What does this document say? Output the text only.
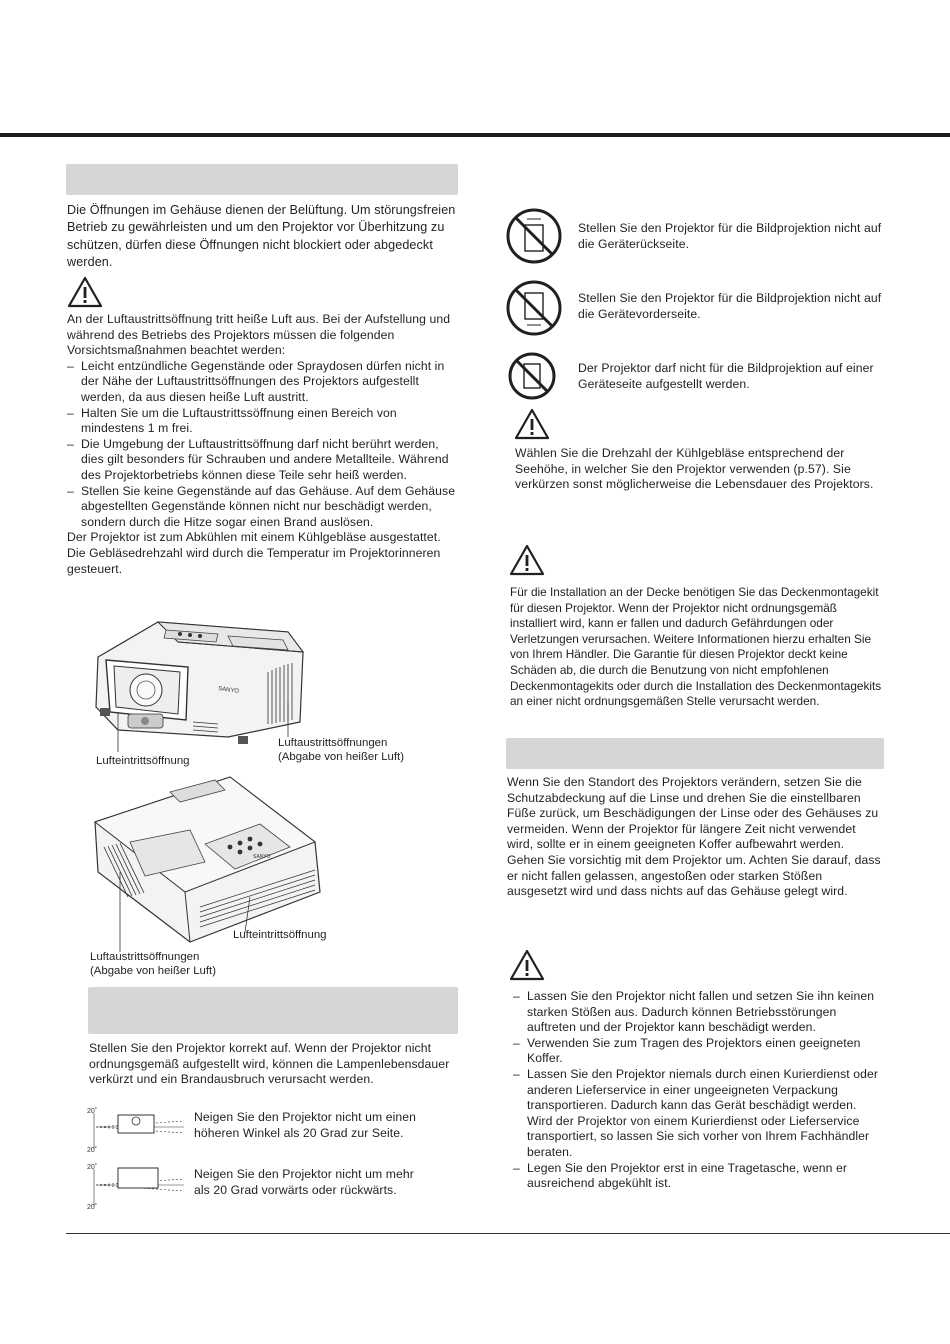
Die Öffnungen im Gehäuse dienen der Belüftung. Um störungsfreien Betrieb zu gewährleisten und um den Projektor vor Überhitzung zu schützen, dürfen diese Öffnungen nicht blockiert oder abgedeckt werden.

An der Luftaustrittsöffnung tritt heiße Luft aus. Bei der Aufstellung und während des Betriebs des Projektors müssen die folgenden Vorsichtsmaßnahmen beachtet werden:

– Leicht entzündliche Gegenstände oder Spraydosen dürfen nicht in der Nähe der Luftaustrittsöffnungen des Projektors aufgestellt werden, da aus diesen heiße Luft austritt.
– Halten Sie um die Luftaustrittssöffnung einen Bereich von mindestens 1 m frei.
– Die Umgebung der Luftaustrittsöffnung darf nicht berührt werden, dies gilt besonders für Schrauben und andere Metallteile. Während des Projektorbetriebs können diese Teile sehr heiß werden.
– Stellen Sie keine Gegenstände auf das Gehäuse. Auf dem Gehäuse abgestellten Gegenstände können nicht nur beschädigt werden, sondern durch die Hitze sogar einen Brand auslösen.

Der Projektor ist zum Abkühlen mit einem Kühlgebläse ausgestattet. Die Gebläsedrehzahl wird durch die Temperatur im Projektorinneren gesteuert.

SANYO
Lufteintrittsöffnung
Luftaustrittsöffnungen
(Abgabe von heißer Luft)
SANYO
Lufteintrittsöffnung
Luftaustrittsöffnungen
(Abgabe von heißer Luft)

Stellen Sie den Projektor korrekt auf. Wenn der Projektor nicht ordnungsgemäß aufgestellt wird, können die Lampenlebensdauer verkürzt und ein Brandausbruch verursacht werden.

20˚
20˚

Neigen Sie den Projektor nicht um einen höheren Winkel als 20 Grad zur Seite.

20˚
20˚

Neigen Sie den Projektor nicht um mehr als 20 Grad vorwärts oder rückwärts.

Stellen Sie den Projektor für die Bildprojektion nicht auf die Geräterückseite.

Stellen Sie den Projektor für die Bildprojektion nicht auf die Gerätevorderseite.

Der Projektor darf nicht für die Bildprojektion auf einer Geräteseite aufgestellt werden.

Wählen Sie die Drehzahl der Kühlgebläse entsprechend der Seehöhe, in welcher Sie den Projektor verwenden (p.57). Sie verkürzen sonst möglicherweise die Lebensdauer des Projektors.

Für die Installation an der Decke benötigen Sie das Deckenmontagekit für diesen Projektor. Wenn der Projektor nicht ordnungsgemäß installiert wird, kann er fallen und dadurch Gefährdungen oder Verletzungen verursachen. Weitere Informationen hierzu erhalten Sie von Ihrem Händler. Die Garantie für diesen Projektor deckt keine Schäden ab, die durch die Benutzung von nicht empfohlenen Deckenmontagekits oder durch die Installation des Deckenmontagekits an einer nicht ordnungsgemäßen Stelle verursacht werden.

Wenn Sie den Standort des Projektors verändern, setzen Sie die Schutzabdeckung auf die Linse und drehen Sie die einstellbaren Füße zurück, um Beschädigungen der Linse oder des Gehäuses zu vermeiden. Wenn der Projektor für längere Zeit nicht verwendet wird, sollte er in einem geeigneten Koffer aufbewahrt werden.

Gehen Sie vorsichtig mit dem Projektor um. Achten Sie darauf, dass er nicht fallen gelassen, angestoßen oder starken Stößen ausgesetzt wird und dass nichts auf das Gehäuse gelegt wird.

– Lassen Sie den Projektor nicht fallen und setzen Sie ihn keinen starken Stößen aus. Dadurch können Betriebsstörungen auftreten und der Projektor kann beschädigt werden.
– Verwenden Sie zum Tragen des Projektors einen geeigneten Koffer.
– Lassen Sie den Projektor niemals durch einen Kurierdienst oder anderen Lieferservice in einer ungeeigneten Verpackung transportieren. Dadurch kann das Gerät beschädigt werden. Wird der Projektor von einem Kurierdienst oder Lieferservice transportiert, so lassen Sie sich vorher von Ihrem Fachhändler beraten.
– Legen Sie den Projektor erst in eine Tragetasche, wenn er ausreichend abgekühlt ist.
